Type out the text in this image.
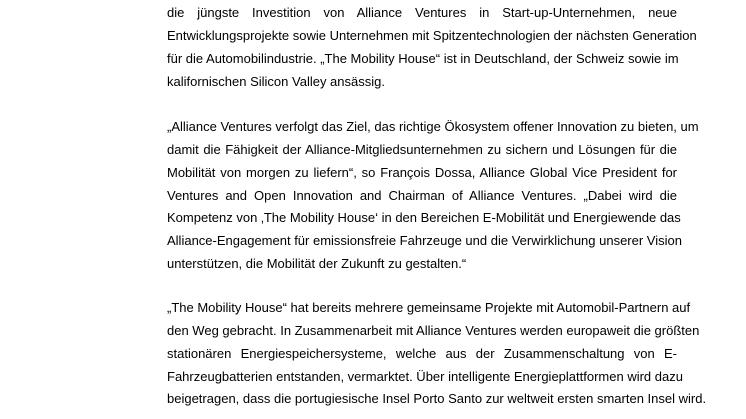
die jüngste Investition von Alliance Ventures in Start-up-Unternehmen, neue
Entwicklungsprojekte sowie Unternehmen mit Spitzentechnologien der nächsten Generation
für die Automobilindustrie. „The Mobility House“ ist in Deutschland, der Schweiz sowie im
kalifornischen Silicon Valley ansässig.
„Alliance Ventures verfolgt das Ziel, das richtige Ökosystem offener Innovation zu bieten, um
damit die Fähigkeit der Alliance-Mitgliedsunternehmen zu sichern und Lösungen für die
Mobilität von morgen zu liefern“, so François Dossa, Alliance Global Vice President for
Ventures and Open Innovation and Chairman of Alliance Ventures. „Dabei wird die
Kompetenz von ‚The Mobility House‘ in den Bereichen E-Mobilität und Energiewende das
Alliance-Engagement für emissionsfreie Fahrzeuge und die Verwirklichung unserer Vision
unterstützen, die Mobilität der Zukunft zu gestalten.“
„The Mobility House“ hat bereits mehrere gemeinsame Projekte mit Automobil-Partnern auf
den Weg gebracht. In Zusammenarbeit mit Alliance Ventures werden europaweit die größten
stationären Energiespeichersysteme, welche aus der Zusammenschaltung von E-
Fahrzeugbatterien entstanden, vermarktet. Über intelligente Energieplattformen wird dazu
beigetragen, dass die portugiesische Insel Porto Santo zur weltweit ersten smarten Insel wird.
